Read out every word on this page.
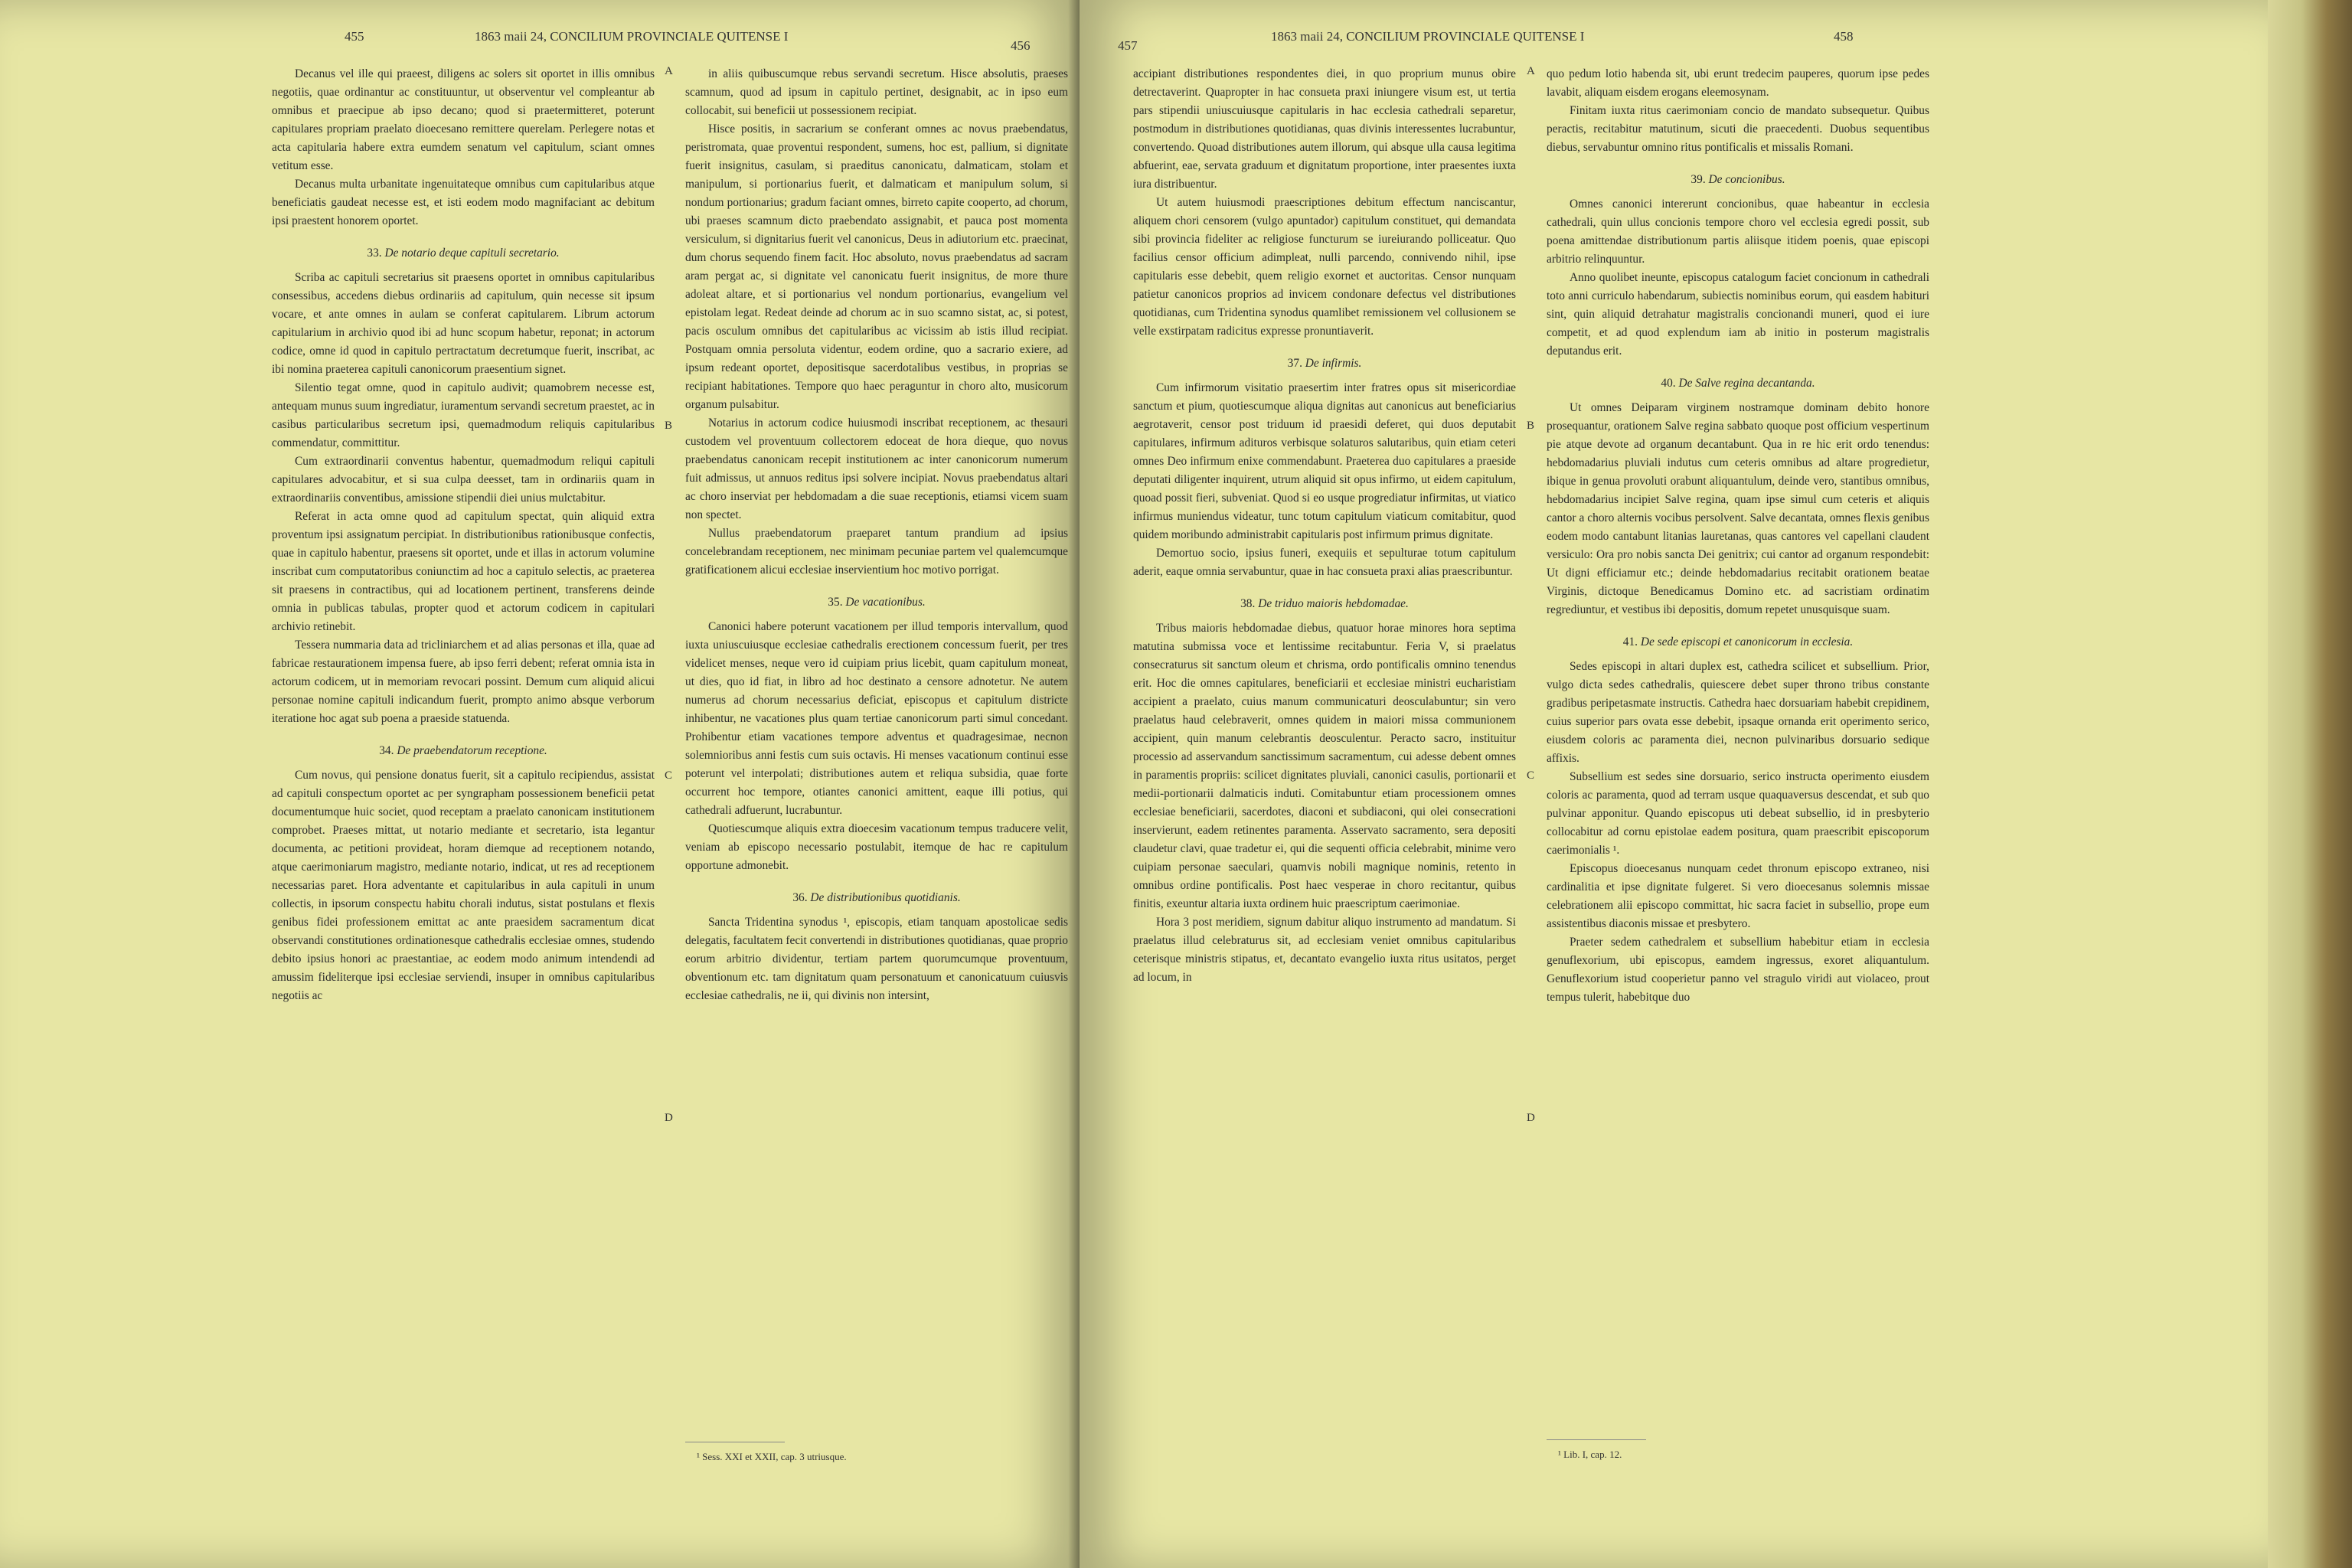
455	1863 maii 24, CONCILIUM PROVINCIALE QUITENSE I
456

Decanus vel ille qui praeest, diligens ac solers sit oportet in illis omnibus negotiis, quae ordinantur ac constituuntur, ut observentur vel compleantur ab omnibus et praecipue ab ipso decano; quod si praetermitteret, poterunt capitulares propriam praelato dioecesano remittere querelam. Perlegere notas et acta capitularia habere extra eumdem senatum vel capitulum, sciant omnes vetitum esse.

Decanus multa urbanitate ingenuitateque omnibus cum capitularibus atque beneficiatis gaudeat necesse est, et isti eodem modo magnifaciant ac debitum ipsi praestent honorem oportet.

33. De notario deque capituli secretario.

Scriba ac capituli secretarius sit praesens oportet in omnibus capitularibus consessibus, accedens diebus ordinariis ad capitulum, quin necesse sit ipsum vocare, et ante omnes in aulam se conferat capitularem. Librum actorum capitularium in archivio quod ibi ad hunc scopum habetur, reponat; in actorum codice, omne id quod in capitulo pertractatum decretumque fuerit, inscribat, ac ibi nomina praeterea capituli canonicorum praesentium signet.

Silentio tegat omne, quod in capitulo audivit; quamobrem necesse est, antequam munus suum ingrediatur, iuramentum servandi secretum praestet, ac in casibus particularibus secretum ipsi, quemadmodum reliquis capitularibus commendatur, committitur.

Cum extraordinarii conventus habentur, quemadmodum reliqui capituli capitulares advocabitur, et si sua culpa deesset, tam in ordinariis quam in extraordinariis conventibus, amissione stipendii diei unius mulctabitur.

Referat in acta omne quod ad capitulum spectat, quin aliquid extra proventum ipsi assignatum percipiat. In distributionibus rationibusque confectis, quae in capitulo habentur, praesens sit oportet, unde et illas in actorum volumine inscribat cum computatoribus coniunctim ad hoc a capitulo selectis, ac praeterea sit praesens in contractibus, qui ad locationem pertinent, transferens deinde omnia in publicas tabulas, propter quod et actorum codicem in capitulari archivio retinebit.

Tessera nummaria data ad tricliniarchem et ad alias personas et illa, quae ad fabricae restaurationem impensa fuere, ab ipso ferri debent; referat omnia ista in actorum codicem, ut in memoriam revocari possint. Demum cum aliquid alicui personae nomine capituli indicandum fuerit, prompto animo absque verborum iteratione hoc agat sub poena a praeside statuenda.

34. De praebendatorum receptione.

Cum novus, qui pensione donatus fuerit, sit a capitulo recipiendus, assistat ad capituli conspectum oportet ac per syngrapham possessionem beneficii petat documentumque huic societ, quod receptam a praelato canonicam institutionem comprobet. Praeses mittat, ut notario mediante et secretario, ista legantur documenta, ac petitioni provideat, horam diemque ad receptionem notando, atque caerimoniarum magistro, mediante notario, indicat, ut res ad receptionem necessarias paret. Hora adventante et capitularibus in aula capituli in unum collectis, in ipsorum conspectu habitu chorali indutus, sistat postulans et flexis genibus fidei professionem emittat ac ante praesidem sacramentum dicat observandi constitutiones ordinationesque cathedralis ecclesiae omnes, studendo debito ipsius honori ac praestantiae, ac eodem modo animum intendendi ad amussim fideliterque ipsi ecclesiae serviendi, insuper in omnibus capitularibus negotiis ac

in aliis quibuscumque rebus servandi secretum. Hisce absolutis, praeses scamnum, quod ad ipsum in capitulo pertinet, designabit, ac in ipso eum collocabit, sui beneficii ut possessionem recipiat.

Hisce positis, in sacrarium se conferant omnes ac novus praebendatus, peristromata, quae proventui respondent, sumens, hoc est, pallium, si dignitate fuerit insignitus, casulam, si praeditus canonicatu, dalmaticam, stolam et manipulum, si portionarius fuerit, et dalmaticam et manipulum solum, si nondum portionarius; gradum faciant omnes, birreto capite cooperto, ad chorum, ubi praeses scamnum dicto praebendato assignabit, et pauca post momenta versiculum, si dignitarius fuerit vel canonicus, Deus in adiutorium etc. praecinat, dum chorus sequendo finem facit. Hoc absoluto, novus praebendatus ad sacram aram pergat ac, si dignitate vel canonicatu fuerit insignitus, de more thure adoleat altare, et si portionarius vel nondum portionarius, evangelium vel epistolam legat. Redeat deinde ad chorum ac in suo scamno sistat, ac, si potest, pacis osculum omnibus det capitularibus ac vicissim ab istis illud recipiat. Postquam omnia persoluta videntur, eodem ordine, quo a sacrario exiere, ad ipsum redeant oportet, depositisque sacerdotalibus vestibus, in proprias se recipiant habitationes. Tempore quo haec peraguntur in choro alto, musicorum organum pulsabitur.

Notarius in actorum codice huiusmodi inscribat receptionem, ac thesauri custodem vel proventuum collectorem edoceat de hora dieque, quo novus praebendatus canonicam recepit institutionem ac inter canonicorum numerum fuit admissus, ut annuos reditus ipsi solvere incipiat. Novus praebendatus altari ac choro inserviat per hebdomadam a die suae receptionis, etiamsi vicem suam non spectet.

Nullus praebendatorum praeparet tantum prandium ad ipsius concelebrandam receptionem, nec minimam pecuniae partem vel qualemcumque gratificationem alicui ecclesiae inservientium hoc motivo porrigat.

35. De vacationibus.

Canonici habere poterunt vacationem per illud temporis intervallum, quod iuxta uniuscuiusque ecclesiae cathedralis erectionem concessum fuerit, per tres videlicet menses, neque vero id cuipiam prius licebit, quam capitulum moneat, ut dies, quo id fiat, in libro ad hoc destinato a censore adnotetur. Ne autem numerus ad chorum necessarius deficiat, episcopus et capitulum districte inhibentur, ne vacationes plus quam tertiae canonicorum parti simul concedant. Prohibentur etiam vacationes tempore adventus et quadragesimae, necnon solemnioribus anni festis cum suis octavis. Hi menses vacationum continui esse poterunt vel interpolati; distributiones autem et reliqua subsidia, quae forte occurrent hoc tempore, otiantes canonici amittent, eaque illi potius, qui cathedrali adfuerunt, lucrabuntur.

Quotiescumque aliquis extra dioecesim vacationum tempus traducere velit, veniam ab episcopo necessario postulabit, itemque de hac re capitulum opportune admonebit.

36. De distributionibus quotidianis.

Sancta Tridentina synodus ¹, episcopis, etiam tanquam apostolicae sedis delegatis, facultatem fecit convertendi in distributiones quotidianas, quae proprio eorum arbitrio dividentur, tertiam partem quorumcumque proventuum, obventionum etc. tam dignitatum quam personatuum et canonicatuum cuiusvis ecclesiae cathedralis, ne ii, qui divinis non intersint,

A
B
C
D
¹ Sess. XXI et XXII, cap. 3 utriusque.
457
1863 maii 24, CONCILIUM PROVINCIALE QUITENSE I	458

accipiant distributiones respondentes diei, in quo proprium munus obire detrectaverint. Quapropter in hac consueta praxi iniungere visum est, ut tertia pars stipendii uniuscuiusque capitularis in hac ecclesia cathedrali separetur, postmodum in distributiones quotidianas, quas divinis interessentes lucrabuntur, convertendo. Quoad distributiones autem illorum, qui absque ulla causa legitima abfuerint, eae, servata graduum et dignitatum proportione, inter praesentes iuxta iura distribuentur.

Ut autem huiusmodi praescriptiones debitum effectum nanciscantur, aliquem chori censorem (vulgo apuntador) capitulum constituet, qui demandata sibi provincia fideliter ac religiose functurum se iureiurando polliceatur. Quo facilius censor officium adimpleat, nulli parcendo, connivendo nihil, ipse capitularis esse debebit, quem religio exornet et auctoritas. Censor nunquam patietur canonicos proprios ad invicem condonare defectus vel distributiones quotidianas, cum Tridentina synodus quamlibet remissionem vel collusionem se velle exstirpatam radicitus expresse pronuntiaverit.

37. De infirmis.

Cum infirmorum visitatio praesertim inter fratres opus sit misericordiae sanctum et pium, quotiescumque aliqua dignitas aut canonicus aut beneficiarius aegrotaverit, censor post triduum id praesidi deferet, qui duos deputabit capitulares, infirmum adituros verbisque solaturos salutaribus, quin etiam ceteri omnes Deo infirmum enixe commendabunt. Praeterea duo capitulares a praeside deputati diligenter inquirent, utrum aliquid sit opus infirmo, ut eidem capitulum, quoad possit fieri, subveniat. Quod si eo usque progrediatur infirmitas, ut viatico infirmus muniendus videatur, tunc totum capitulum viaticum comitabitur, quod quidem moribundo administrabit capitularis post infirmum primus dignitate.

Demortuo socio, ipsius funeri, exequiis et sepulturae totum capitulum aderit, eaque omnia servabuntur, quae in hac consueta praxi alias praescribuntur.

38. De triduo maioris hebdomadae.

Tribus maioris hebdomadae diebus, quatuor horae minores hora septima matutina submissa voce et lentissime recitabuntur. Feria V, si praelatus consecraturus sit sanctum oleum et chrisma, ordo pontificalis omnino tenendus erit. Hoc die omnes capitulares, beneficiarii et ecclesiae ministri eucharistiam accipient a praelato, cuius manum communicaturi deosculabuntur; sin vero praelatus haud celebraverit, omnes quidem in maiori missa communionem accipient, quin manum celebrantis deosculentur. Peracto sacro, instituitur processio ad asservandum sanctissimum sacramentum, cui adesse debent omnes in paramentis propriis: scilicet dignitates pluviali, canonici casulis, portionarii et medii-portionarii dalmaticis induti. Comitabuntur etiam processionem omnes ecclesiae beneficiarii, sacerdotes, diaconi et subdiaconi, qui olei consecrationi inservierunt, eadem retinentes paramenta. Asservato sacramento, sera depositi claudetur clavi, quae tradetur ei, qui die sequenti officia celebrabit, minime vero cuipiam personae saeculari, quamvis nobili magnique nominis, retento in omnibus ordine pontificalis. Post haec vesperae in choro recitantur, quibus finitis, exeuntur altaria iuxta ordinem huic praescriptum caerimoniae.

Hora 3 post meridiem, signum dabitur aliquo instrumento ad mandatum. Si praelatus illud celebraturus sit, ad ecclesiam veniet omnibus capitularibus ceterisque ministris stipatus, et, decantato evangelio iuxta ritus usitatos, perget ad locum, in

quo pedum lotio habenda sit, ubi erunt tredecim pauperes, quorum ipse pedes lavabit, aliquam eisdem erogans eleemosynam.

Finitam iuxta ritus caerimoniam concio de mandato subsequetur. Quibus peractis, recitabitur matutinum, sicuti die praecedenti. Duobus sequentibus diebus, servabuntur omnino ritus pontificalis et missalis Romani.

39. De concionibus.

Omnes canonici intererunt concionibus, quae habeantur in ecclesia cathedrali, quin ullus concionis tempore choro vel ecclesia egredi possit, sub poena amittendae distributionum partis aliisque itidem poenis, quae episcopi arbitrio relinquuntur.

Anno quolibet ineunte, episcopus catalogum faciet concionum in cathedrali toto anni curriculo habendarum, subiectis nominibus eorum, qui easdem habituri sint, quin aliquid detrahatur magistralis concionandi muneri, quod ei iure competit, et ad quod explendum iam ab initio in posterum magistralis deputandus erit.

40. De Salve regina decantanda.

Ut omnes Deiparam virginem nostramque dominam debito honore prosequantur, orationem Salve regina sabbato quoque post officium vespertinum pie atque devote ad organum decantabunt. Qua in re hic erit ordo tenendus: hebdomadarius pluviali indutus cum ceteris omnibus ad altare progredietur, ibique in genua provoluti orabunt aliquantulum, deinde vero, stantibus omnibus, hebdomadarius incipiet Salve regina, quam ipse simul cum ceteris et aliquis cantor a choro alternis vocibus persolvent. Salve decantata, omnes flexis genibus eodem modo cantabunt litanias lauretanas, quas cantores vel capellani claudent versiculo: Ora pro nobis sancta Dei genitrix; cui cantor ad organum respondebit: Ut digni efficiamur etc.; deinde hebdomadarius recitabit orationem beatae Virginis, dictoque Benedicamus Domino etc. ad sacristiam ordinatim regrediuntur, et vestibus ibi depositis, domum repetet unusquisque suam.

41. De sede episcopi et canonicorum in ecclesia.

Sedes episcopi in altari duplex est, cathedra scilicet et subsellium. Prior, vulgo dicta sedes cathedralis, quiescere debet super throno tribus constante gradibus peripetasmate instructis. Cathedra haec dorsuariam habebit crepidinem, cuius superior pars ovata esse debebit, ipsaque ornanda erit operimento serico, eiusdem coloris ac paramenta diei, necnon pulvinaribus dorsuario sedique affixis.

Subsellium est sedes sine dorsuario, serico instructa operimento eiusdem coloris ac paramenta, quod ad terram usque quaquaversus descendat, et sub quo pulvinar apponitur. Quando episcopus uti debeat subsellio, id in presbyterio collocabitur ad cornu epistolae eadem positura, quam praescribit episcoporum caerimonialis ¹.

Episcopus dioecesanus nunquam cedet thronum episcopo extraneo, nisi cardinalitia et ipse dignitate fulgeret. Si vero dioecesanus solemnis missae celebrationem alii episcopo committat, hic sacra faciet in subsellio, prope eum assistentibus diaconis missae et presbytero.

Praeter sedem cathedralem et subsellium habebitur etiam in ecclesia genuflexorium, ubi episcopus, eamdem ingressus, exoret aliquantulum. Genuflexorium istud cooperietur panno vel stragulo viridi aut violaceo, prout tempus tulerit, habebitque duo

A
B
C
D
¹ Lib. I, cap. 12.
